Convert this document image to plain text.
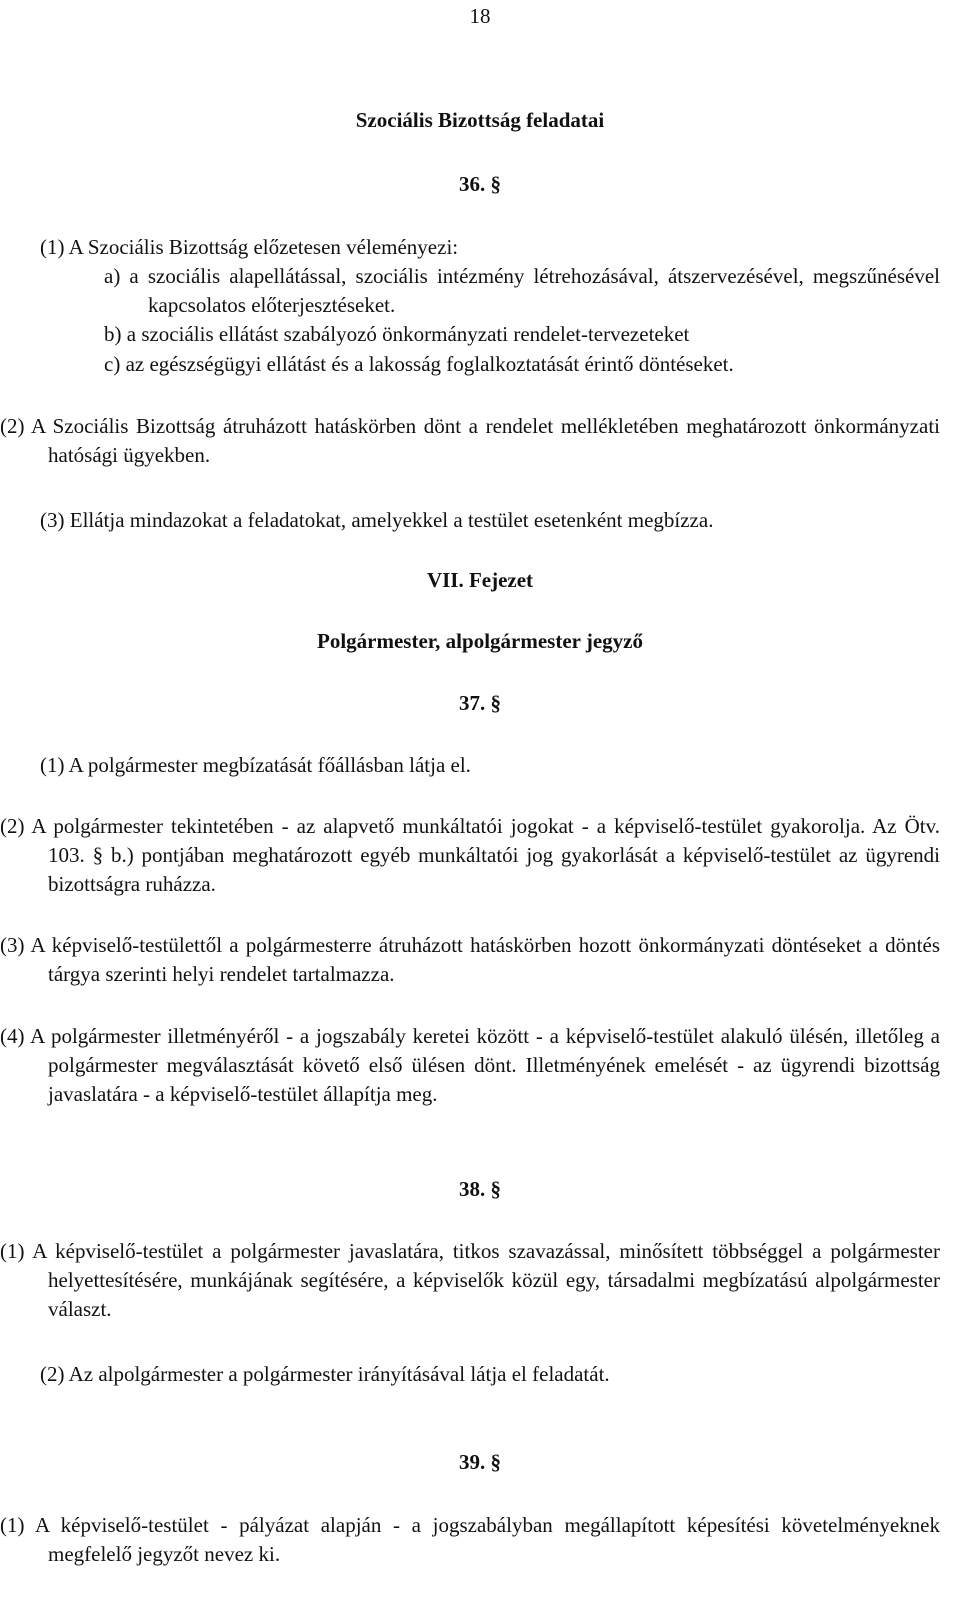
18
Szociális Bizottság feladatai
36. §

(1) A Szociális Bizottság előzetesen véleményezi:

a) a szociális alapellátással, szociális intézmény létrehozásával, átszervezésével, megszűnésével kapcsolatos előterjesztéseket.

b) a szociális ellátást szabályozó önkormányzati rendelet-tervezeteket

c) az egészségügyi ellátást és a lakosság foglalkoztatását érintő döntéseket.

(2) A Szociális Bizottság átruházott hatáskörben dönt a rendelet mellékletében meghatározott önkormányzati hatósági ügyekben.

(3) Ellátja mindazokat a feladatokat, amelyekkel a testület esetenként megbízza.

VII. Fejezet
Polgármester, alpolgármester jegyző
37. §

(1) A polgármester megbízatását főállásban látja el.

(2) A polgármester tekintetében - az alapvető munkáltatói jogokat - a képviselő-testület gyakorolja. Az Ötv. 103. § b.) pontjában meghatározott egyéb munkáltatói jog gyakorlását a képviselő-testület az ügyrendi bizottságra ruházza.

(3) A képviselő-testülettől a polgármesterre átruházott hatáskörben hozott önkormányzati döntéseket a döntés tárgya szerinti helyi rendelet tartalmazza.

(4) A polgármester illetményéről - a jogszabály keretei között - a képviselő-testület alakuló ülésén, illetőleg a polgármester megválasztását követő első ülésen dönt. Illetményének emelését - az ügyrendi bizottság javaslatára - a képviselő-testület állapítja meg.

38. §

(1) A képviselő-testület a polgármester javaslatára, titkos szavazással, minősített többséggel a polgármester helyettesítésére, munkájának segítésére, a képviselők közül egy, társadalmi megbízatású alpolgármester választ.

(2) Az alpolgármester a polgármester irányításával látja el feladatát.

39. §

(1) A képviselő-testület - pályázat alapján - a jogszabályban megállapított képesítési követelményeknek megfelelő jegyzőt nevez ki.
